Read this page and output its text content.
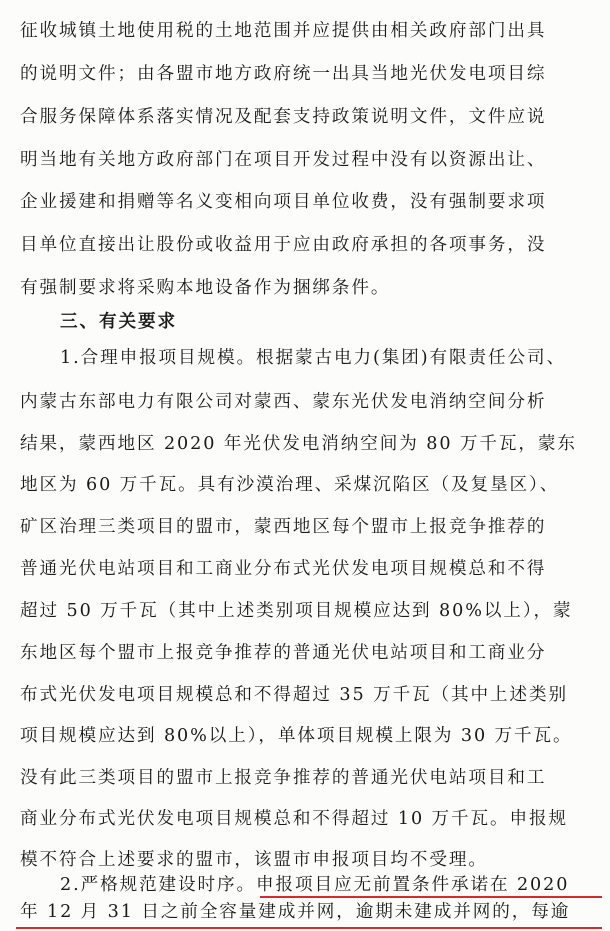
征收城镇土地使用税的土地范围并应提供由相关政府部门出具
的说明文件；由各盟市地方政府统一出具当地光伏发电项目综
合服务保障体系落实情况及配套支持政策说明文件，文件应说
明当地有关地方政府部门在项目开发过程中没有以资源出让、
企业援建和捐赠等名义变相向项目单位收费，没有强制要求项
目单位直接出让股份或收益用于应由政府承担的各项事务，没
有强制要求将采购本地设备作为捆绑条件。
三、有关要求
1.合理申报项目规模。根据蒙古电力(集团)有限责任公司、
内蒙古东部电力有限公司对蒙西、蒙东光伏发电消纳空间分析
结果，蒙西地区 2020 年光伏发电消纳空间为 80 万千瓦，蒙东
地区为 60 万千瓦。具有沙漠治理、采煤沉陷区（及复垦区）、
矿区治理三类项目的盟市，蒙西地区每个盟市上报竞争推荐的
普通光伏电站项目和工商业分布式光伏发电项目规模总和不得
超过 50 万千瓦（其中上述类别项目规模应达到 80%以上），蒙
东地区每个盟市上报竞争推荐的普通光伏电站项目和工商业分
布式光伏发电项目规模总和不得超过 35 万千瓦（其中上述类别
项目规模应达到 80%以上），单体项目规模上限为 30 万千瓦。
没有此三类项目的盟市上报竞争推荐的普通光伏电站项目和工
商业分布式光伏发电项目规模总和不得超过 10 万千瓦。申报规
模不符合上述要求的盟市，该盟市申报项目均不受理。
2.严格规范建设时序。申报项目应无前置条件承诺在 2020
年 12 月 31 日之前全容量建成并网，逾期未建成并网的，每逾
